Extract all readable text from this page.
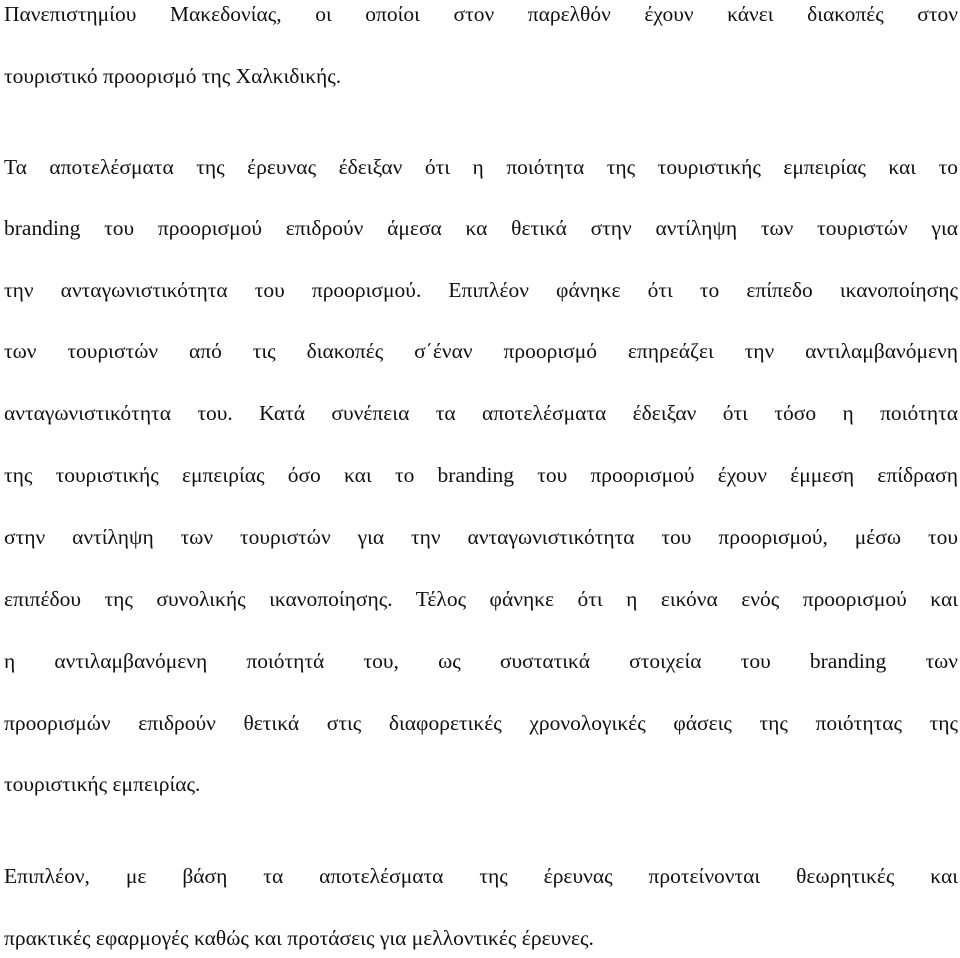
Πανεπιστημίου Μακεδονίας, οι οποίοι στον παρελθόν έχουν κάνει διακοπές στον
τουριστικό προορισμό της Χαλκιδικής.
Τα αποτελέσματα της έρευνας έδειξαν ότι η ποιότητα της τουριστικής εμπειρίας και το
branding του προορισμού επιδρούν άμεσα κα θετικά στην αντίληψη των τουριστών για
την ανταγωνιστικότητα του προορισμού. Επιπλέον φάνηκε ότι το επίπεδο ικανοποίησης
των τουριστών από τις διακοπές σ΄έναν προορισμό επηρεάζει την αντιλαμβανόμενη
ανταγωνιστικότητα του. Κατά συνέπεια τα αποτελέσματα έδειξαν ότι τόσο η ποιότητα
της τουριστικής εμπειρίας όσο και το branding του προορισμού έχουν έμμεση επίδραση
στην αντίληψη των τουριστών για την ανταγωνιστικότητα του προορισμού, μέσω του
επιπέδου της συνολικής ικανοποίησης. Τέλος φάνηκε ότι η εικόνα ενός προορισμού και
η αντιλαμβανόμενη ποιότητά του, ως συστατικά στοιχεία του branding των
προορισμών επιδρούν θετικά στις διαφορετικές χρονολογικές φάσεις της ποιότητας της
τουριστικής εμπειρίας.
Επιπλέον, με βάση τα αποτελέσματα της έρευνας προτείνονται θεωρητικές και
πρακτικές εφαρμογές καθώς και προτάσεις για μελλοντικές έρευνες.
